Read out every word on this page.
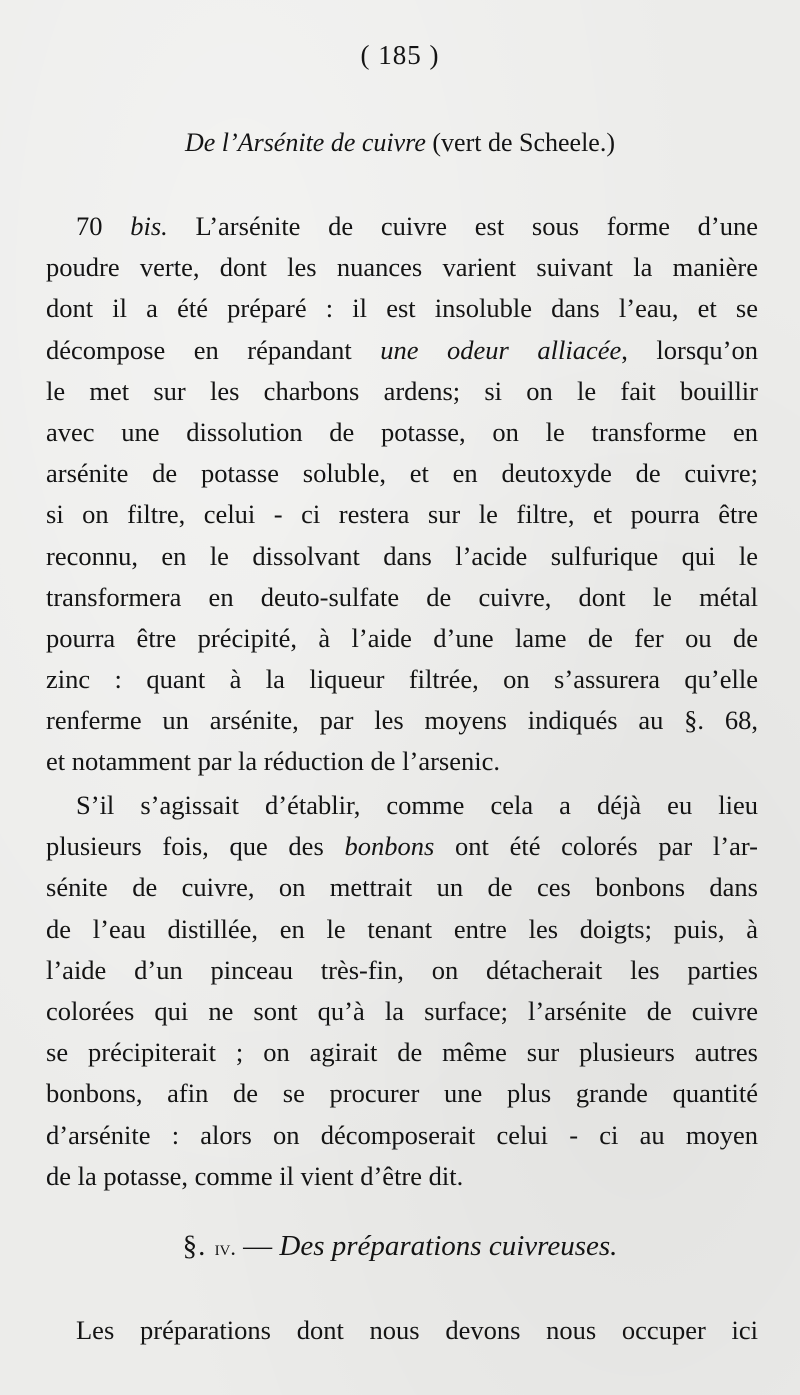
( 185 )
De l’Arsénite de cuivre (vert de Scheele.)
70 bis. L’arsénite de cuivre est sous forme d’une
poudre verte, dont les nuances varient suivant la manière
dont il a été préparé : il est insoluble dans l’eau, et se
décompose en répandant une odeur alliacée, lorsqu’on
le met sur les charbons ardens; si on le fait bouillir
avec une dissolution de potasse, on le transforme en
arsénite de potasse soluble, et en deutoxyde de cuivre;
si on filtre, celui - ci restera sur le filtre, et pourra être
reconnu, en le dissolvant dans l’acide sulfurique qui le
transformera en deuto-sulfate de cuivre, dont le métal
pourra être précipité, à l’aide d’une lame de fer ou de
zinc : quant à la liqueur filtrée, on s’assurera qu’elle
renferme un arsénite, par les moyens indiqués au §. 68,
et notamment par la réduction de l’arsenic.
S’il s’agissait d’établir, comme cela a déjà eu lieu
plusieurs fois, que des bonbons ont été colorés par l’ar-
sénite de cuivre, on mettrait un de ces bonbons dans
de l’eau distillée, en le tenant entre les doigts; puis, à
l’aide d’un pinceau très-fin, on détacherait les parties
colorées qui ne sont qu’à la surface; l’arsénite de cuivre
se précipiterait ; on agirait de même sur plusieurs autres
bonbons, afin de se procurer une plus grande quantité
d’arsénite : alors on décomposerait celui - ci au moyen
de la potasse, comme il vient d’être dit.
§. iv. — Des préparations cuivreuses.
Les préparations dont nous devons nous occuper ici
